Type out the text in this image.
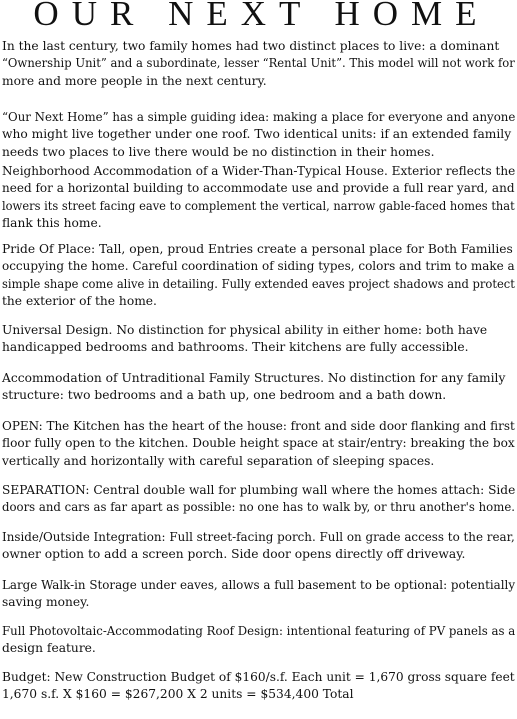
OUR NEXT HOME

In the last century, two family homes had two distinct places to live: a dominant
“Ownership Unit” and a subordinate, lesser “Rental Unit”. This model will not work for
more and more people in the next century.

“Our Next Home” has a simple guiding idea: making a place for everyone and anyone
who might live together under one roof. Two identical units: if an extended family
needs two places to live there would be no distinction in their homes.

Neighborhood Accommodation of a Wider-Than-Typical House. Exterior reflects the
need for a horizontal building to accommodate use and provide a full rear yard, and
lowers its street facing eave to complement the vertical, narrow gable-faced homes that
flank this home.

Pride Of Place: Tall, open, proud Entries create a personal place for Both Families
occupying the home. Careful coordination of siding types, colors and trim to make a
simple shape come alive in detailing. Fully extended eaves project shadows and protect
the exterior of the home.

Universal Design. No distinction for physical ability in either home: both have
handicapped bedrooms and bathrooms. Their kitchens are fully accessible.

Accommodation of Untraditional Family Structures. No distinction for any family
structure: two bedrooms and a bath up, one bedroom and a bath down.

OPEN: The Kitchen has the heart of the house: front and side door flanking and first
floor fully open to the kitchen. Double height space at stair/entry: breaking the box
vertically and horizontally with careful separation of sleeping spaces.

SEPARATION: Central double wall for plumbing wall where the homes attach: Side
doors and cars as far apart as possible: no one has to walk by, or thru another's home.

Inside/Outside Integration: Full street-facing porch. Full on grade access to the rear,
owner option to add a screen porch. Side door opens directly off driveway.

Large Walk-in Storage under eaves, allows a full basement to be optional: potentially
saving money.

Full Photovoltaic-Accommodating Roof Design: intentional featuring of PV panels as a
design feature.

Budget: New Construction Budget of $160/s.f. Each unit = 1,670 gross square feet
1,670 s.f. X $160 = $267,200 X 2 units = $534,400 Total
